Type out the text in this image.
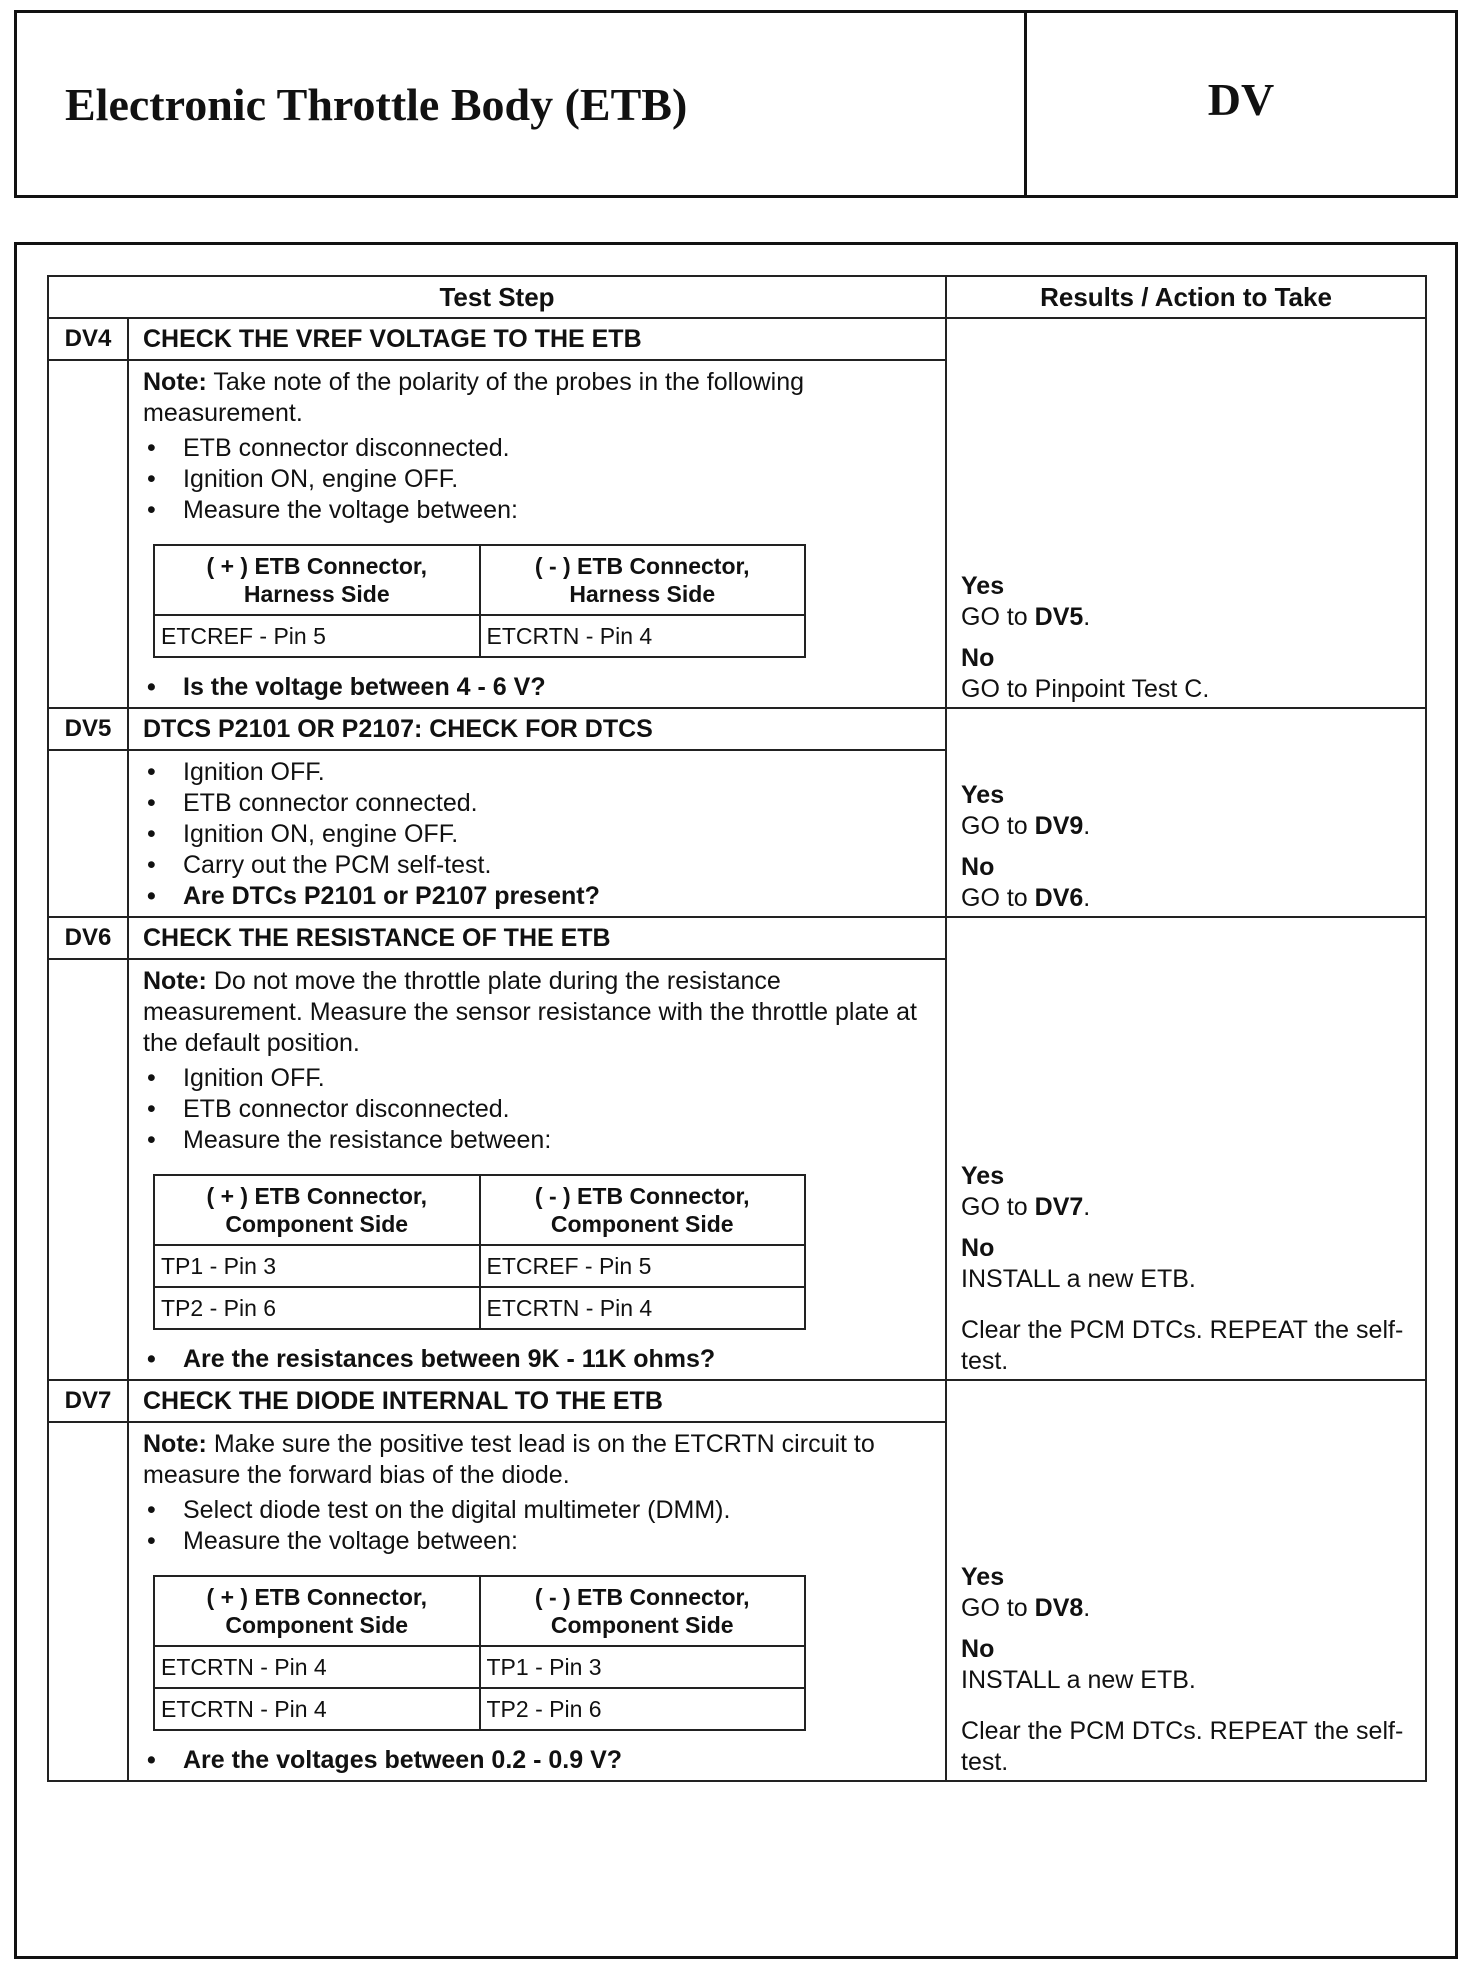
Electronic Throttle Body (ETB)	DV
Test Step	Results / Action to Take
DV4	CHECK THE VREF VOLTAGE TO THE ETB	
Yes
GO to DV5.
No
GO to Pinpoint Test C.

Note: Take note of the polarity of the probes in the following measurement.

• ETB connector disconnected.
• Ignition ON, engine OFF.
• Measure the voltage between:
( + ) ETB Connector, Harness Side	( - ) ETB Connector, Harness Side
ETCREF - Pin 5	ETCRTN - Pin 4
• Is the voltage between 4 - 6 V?

DV5	DTCS P2101 OR P2107: CHECK FOR DTCS	
Yes
GO to DV9.
No
GO to DV6.

• Ignition OFF.
• ETB connector connected.
• Ignition ON, engine OFF.
• Carry out the PCM self-test.
• Are DTCs P2101 or P2107 present?

DV6	CHECK THE RESISTANCE OF THE ETB	
Yes
GO to DV7.
No
INSTALL a new ETB.
Clear the PCM DTCs. REPEAT the self-test.

Note: Do not move the throttle plate during the resistance measurement. Measure the sensor resistance with the throttle plate at the default position.

• Ignition OFF.
• ETB connector disconnected.
• Measure the resistance between:
( + ) ETB Connector, Component Side	( - ) ETB Connector, Component Side
TP1 - Pin 3	ETCREF - Pin 5
TP2 - Pin 6	ETCRTN - Pin 4
• Are the resistances between 9K - 11K ohms?

DV7	CHECK THE DIODE INTERNAL TO THE ETB	
Yes
GO to DV8.
No
INSTALL a new ETB.
Clear the PCM DTCs. REPEAT the self-test.

Note: Make sure the positive test lead is on the ETCRTN circuit to measure the forward bias of the diode.

• Select diode test on the digital multimeter (DMM).
• Measure the voltage between:
( + ) ETB Connector, Component Side	( - ) ETB Connector, Component Side
ETCRTN - Pin 4	TP1 - Pin 3
ETCRTN - Pin 4	TP2 - Pin 6
• Are the voltages between 0.2 - 0.9 V?
